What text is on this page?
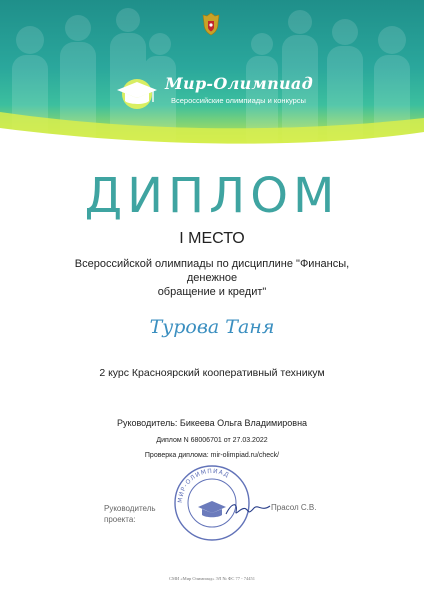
Мир-Олимпиад
Всероссийские олимпиады и конкурсы
ДИПЛОМ
I МЕСТО
Всероссийской олимпиады по дисциплине "Финансы, денежное
обращение и кредит"
Турова Таня
2 курс Красноярский кооперативный техникум
Руководитель: Бикеева Ольга Владимировна
Диплом N 68006701 от 27.03.2022
Проверка диплома: mir-olimpiad.ru/check/
Руководитель
проекта:
МИР-ОЛИМПИАД
Прасол С.В.
СМИ «Мир Олимпиад» ЭЛ № ФС 77 - 74451
